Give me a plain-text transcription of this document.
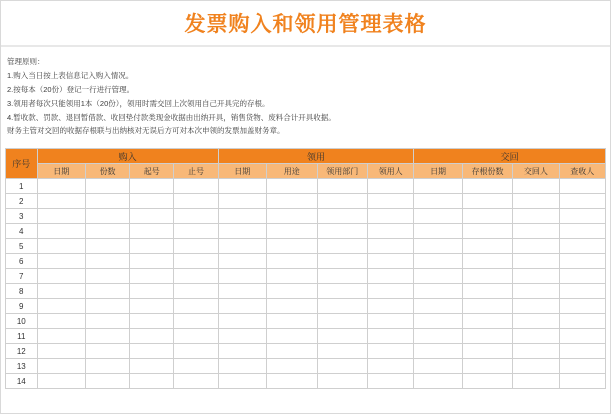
发票购入和领用管理表格
管理原则：
1.购入当日按上表信息记入购入情况。
2.按每本（20份）登记一行进行管理。
3.领用者每次只能领用1本（20份），领用时需交回上次领用自己开具完的存根。
4.暂收款、罚款、退回暂借款、收回垫付款类现金收据由出纳开具，销售货物、废料合计开具收据。
财务主管对交回的收据存根联与出纳核对无误后方可对本次申领的发票加盖财务章。
序号	购入				领用				交回			
	日期	份数	起号	止号	日期	用途	领用部门	领用人	日期	存根份数	交回人	查收人
1												
2												
3												
4												
5												
6												
7												
8												
9												
10												
11												
12												
13												
14												
